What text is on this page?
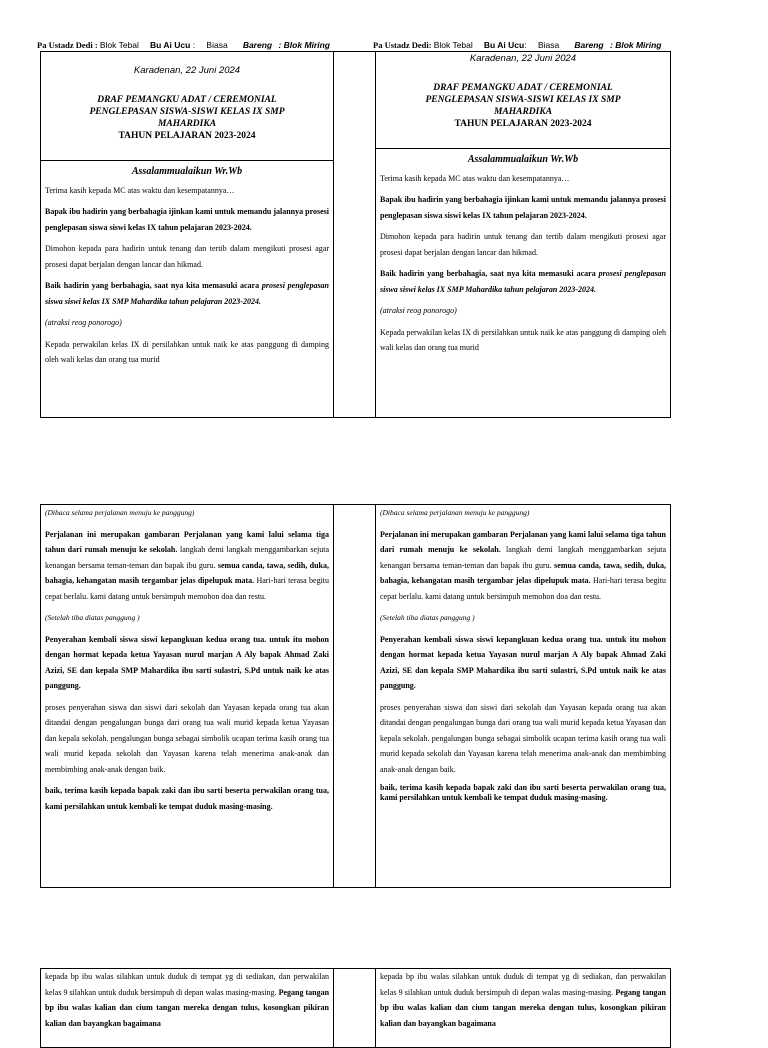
Pa Ustadz Dedi : Blok Tebal Bu Ai Ucu : Biasa Bareng : Blok Miring	Pa Ustadz Dedi: Blok Tebal Bu Ai Ucu: Biasa Bareng : Blok Miring
Karadenan, 22 Juni 2024
DRAF PEMANGKU ADAT / CEREMONIAL
PENGLEPASAN SISWA-SISWI KELAS IX SMP
MAHARDIKA
TAHUN PELAJARAN 2023-2024

Assalammualaikun Wr.Wb

Terima kasih kepada MC atas waktu dan kesempatannya…

Bapak ibu hadirin yang berbahagia ijinkan kami untuk memandu jalannya prosesi penglepasan siswa siswi kelas IX tahun pelajaran 2023-2024.

Dimohon kepada para hadirin untuk tenang dan tertib dalam mengikuti prosesi agar prosesi dapat berjalan dengan lancar dan hikmad.

Baik hadirin yang berbahagia, saat nya kita memasuki acara prosesi penglepasan siswa siswi kelas IX SMP Mahardika tahun pelajaran 2023-2024.

(atraksi reog ponorogo)

Kepada perwakilan kelas IX di persilahkan untuk naik ke atas panggung di damping oleh wali kelas dan orang tua murid

Karadenan, 22 Juni 2024
DRAF PEMANGKU ADAT / CEREMONIAL
PENGLEPASAN SISWA-SISWI KELAS IX SMP
MAHARDIKA
TAHUN PELAJARAN 2023-2024

Assalammualaikun Wr.Wb

Terima kasih kepada MC atas waktu dan kesempatannya…

Bapak ibu hadirin yang berbahagia ijinkan kami untuk memandu jalannya prosesi penglepasan siswa siswi kelas IX tahun pelajaran 2023-2024.

Dimohon kepada para hadirin untuk tenang dan tertib dalam mengikuti prosesi agar prosesi dapat berjalan dengan lancar dan hikmad.

Baik hadirin yang berbahagia, saat nya kita memasuki acara prosesi penglepasan siswa siswi kelas IX SMP Mahardika tahun pelajaran 2023-2024.

(atraksi reog ponorogo)

Kepada perwakilan kelas IX di persilahkan untuk naik ke atas panggung di damping oleh wali kelas dan orang tua murid

(Dibaca selama perjalanan menuju ke panggung)

Perjalanan ini merupakan gambaran Perjalanan yang kami lalui selama tiga tahun dari rumah menuju ke sekolah. langkah demi langkah menggambarkan sejuta kenangan bersama teman-teman dan bapak ibu guru. semua canda, tawa, sedih, duka, bahagia, kehangatan masih tergambar jelas dipelupuk mata. Hari-hari terasa begitu cepat berlalu. kami datang untuk bersimpuh memohon doa dan restu.

(Setelah tiba diatas panggung )

Penyerahan kembali siswa siswi kepangkuan kedua orang tua. untuk itu mohon dengan hormat kepada ketua Yayasan nurul marjan A Aly bapak Ahmad Zaki Azizi, SE dan kepala SMP Mahardika ibu sarti sulastri, S.Pd untuk naik ke atas panggung.

proses penyerahan siswa dan siswi dari sekolah dan Yayasan kepada orang tua akan ditandai dengan pengalungan bunga dari orang tua wali murid kepada ketua Yayasan dan kepala sekolah. pengalungan bunga sebagai simbolik ucapan terima kasih orang tua wali murid kepada sekolah dan Yayasan karena telah menerima anak-anak dan membimbing anak-anak dengan baik.

baik, terima kasih kepada bapak zaki dan ibu sarti beserta perwakilan orang tua, kami persilahkan untuk kembali ke tempat duduk masing-masing.

(Dibaca selama perjalanan menuju ke panggung)

Perjalanan ini merupakan gambaran Perjalanan yang kami lalui selama tiga tahun dari rumah menuju ke sekolah. langkah demi langkah menggambarkan sejuta kenangan bersama teman-teman dan bapak ibu guru. semua canda, tawa, sedih, duka, bahagia, kehangatan masih tergambar jelas dipelupuk mata. Hari-hari terasa begitu cepat berlalu. kami datang untuk bersimpuh memohon doa dan restu.

(Setelah tiba diatas panggung )

Penyerahan kembali siswa siswi kepangkuan kedua orang tua. untuk itu mohon dengan hormat kepada ketua Yayasan nurul marjan A Aly bapak Ahmad Zaki Azizi, SE dan kepala SMP Mahardika ibu sarti sulastri, S.Pd untuk naik ke atas panggung.

proses penyerahan siswa dan siswi dari sekolah dan Yayasan kepada orang tua akan ditandai dengan pengalungan bunga dari orang tua wali murid kepada ketua Yayasan dan kepala sekolah. pengalungan bunga sebagai simbolik ucapan terima kasih orang tua wali murid kepada sekolah dan Yayasan karena telah menerima anak-anak dan membimbing anak-anak dengan baik.

baik, terima kasih kepada bapak zaki dan ibu sarti beserta perwakilan orang tua, kami persilahkan untuk kembali ke tempat duduk masing-masing.

kepada bp ibu walas silahkan untuk duduk di tempat yg di sediakan, dan perwakilan kelas 9 silahkan untuk duduk bersimpuh di depan walas masing-masing. Pegang tangan bp ibu walas kalian dan cium tangan mereka dengan tulus, kosongkan pikiran kalian dan bayangkan bagaimana

kepada bp ibu walas silahkan untuk duduk di tempat yg di sediakan, dan perwakilan kelas 9 silahkan untuk duduk bersimpuh di depan walas masing-masing. Pegang tangan bp ibu walas kalian dan cium tangan mereka dengan tulus, kosongkan pikiran kalian dan bayangkan bagaimana
